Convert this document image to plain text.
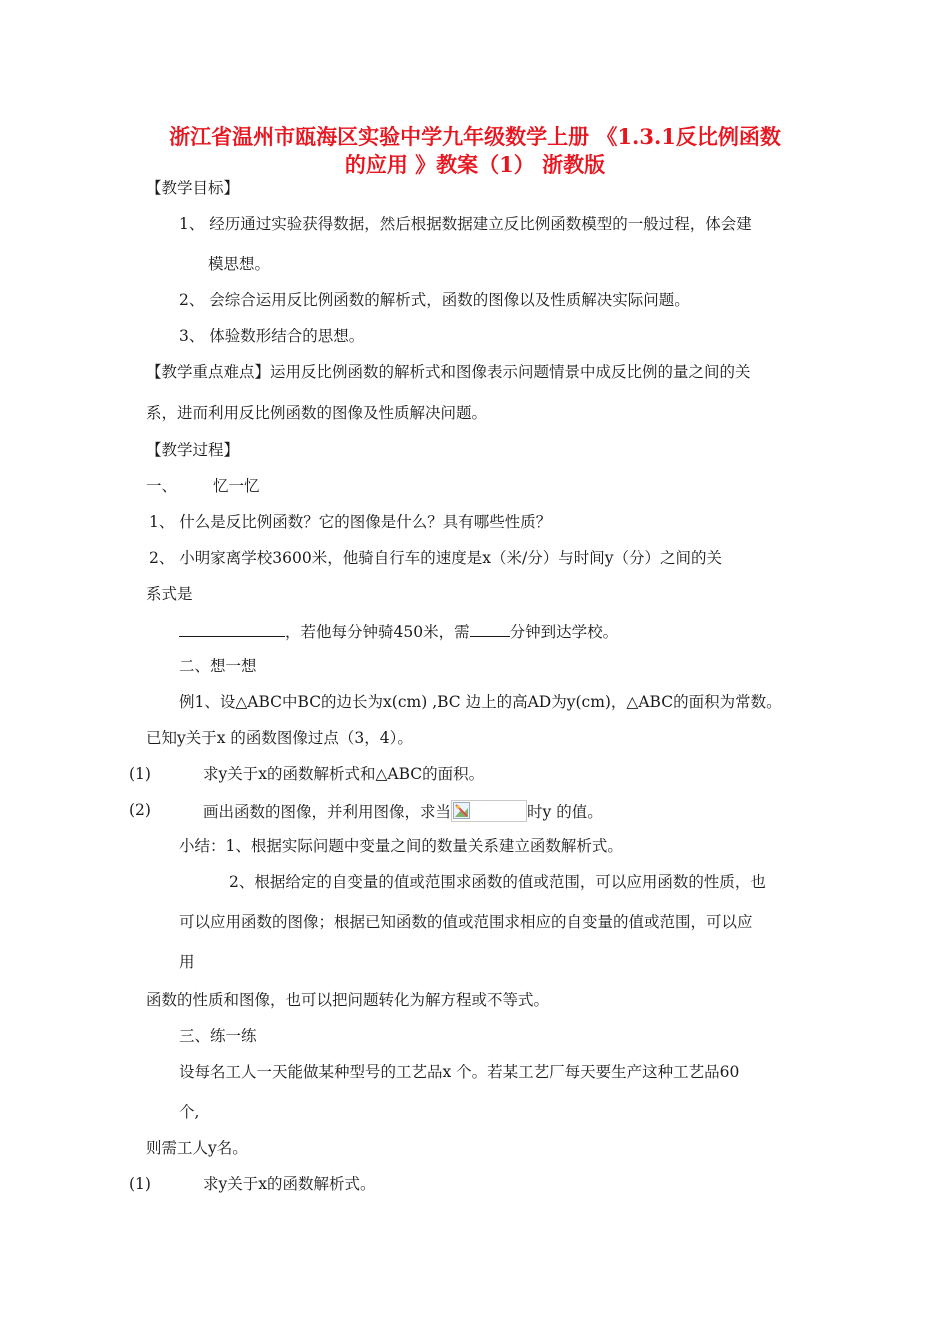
浙江省温州市瓯海区实验中学九年级数学上册 《1.3.1反比例函数
的应用 》教案（1） 浙教版
【教学目标】
1、 经历通过实验获得数据，然后根据数据建立反比例函数模型的一般过程，体会建
模思想。
2、 会综合运用反比例函数的解析式，函数的图像以及性质解决实际问题。
3、 体验数形结合的思想。
【教学重点难点】运用反比例函数的解析式和图像表示问题情景中成反比例的量之间的关
系，进而利用反比例函数的图像及性质解决问题。
【教学过程】
一、 忆一忆
1、 什么是反比例函数？它的图像是什么？具有哪些性质？
2、 小明家离学校3600米，他骑自行车的速度是x（米/分）与时间y（分）之间的关
系式是
，若他每分钟骑450米，需	分钟到达学校。
二、想一想
例1、设△ABC中BC的边长为x(cm) ,BC 边上的高AD为y(cm)，△ABC的面积为常数。
已知y关于x 的函数图像过点（3，4）。
(1)	求y关于x的函数解析式和△ABC的面积。
(2)	画出函数的图像，并利用图像，求当	时y 的值。
小结：1、根据实际问题中变量之间的数量关系建立函数解析式。
2、根据给定的自变量的值或范围求函数的值或范围，可以应用函数的性质，也
可以应用函数的图像；根据已知函数的值或范围求相应的自变量的值或范围，可以应
用
函数的性质和图像，也可以把问题转化为解方程或不等式。
三、练一练
设每名工人一天能做某种型号的工艺品x 个。若某工艺厂每天要生产这种工艺品60
个,
则需工人y名。
(1)	求y关于x的函数解析式。
